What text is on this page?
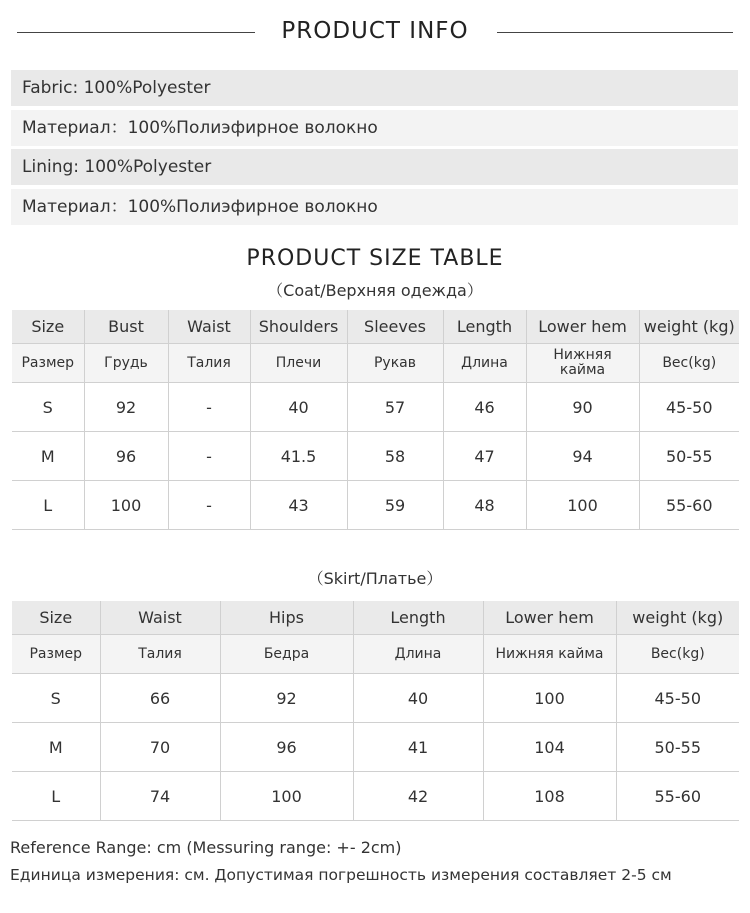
PRODUCT INFO
Fabric: 100%Polyester
Материал：100%Полиэфирное волокно
Lining: 100%Polyester
Материал：100%Полиэфирное волокно
PRODUCT SIZE TABLE
（Coat/Верхняя одежда）
Size	Bust	Waist	Shoulders	Sleeves	Length	Lower hem	weight (kg)
Размер	Грудь	Талия	Плечи	Рукав	Длина	Нижняя кайма	Вес(kg)
S	92	-	40	57	46	90	45-50
M	96	-	41.5	58	47	94	50-55
L	100	-	43	59	48	100	55-60
（Skirt/Платье）
Size	Waist	Hips	Length	Lower hem	weight (kg)
Размер	Талия	Бедра	Длина	Нижняя кайма	Вес(kg)
S	66	92	40	100	45-50
M	70	96	41	104	50-55
L	74	100	42	108	55-60
Reference Range: cm (Messuring range: +- 2cm)
Единица измерения: см. Допустимая погрешность измерения составляет 2-5 см
